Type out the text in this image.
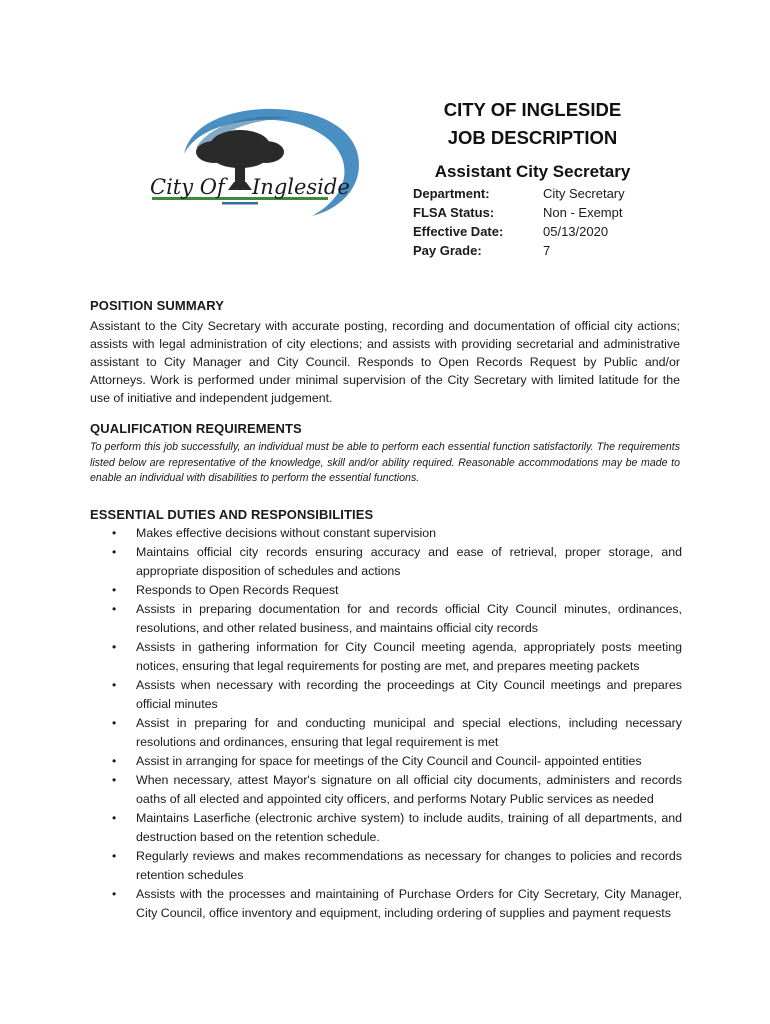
City Of Ingleside
CITY OF INGLESIDE
JOB DESCRIPTION
Assistant City Secretary
Department:	City Secretary
FLSA Status:	Non - Exempt
Effective Date:	05/13/2020
Pay Grade:	7
POSITION SUMMARY
Assistant to the City Secretary with accurate posting, recording and documentation of official city actions; assists with legal administration of city elections; and assists with providing secretarial and administrative assistant to City Manager and City Council. Responds to Open Records Request by Public and/or Attorneys. Work is performed under minimal supervision of the City Secretary with limited latitude for the use of initiative and independent judgement.
QUALIFICATION REQUIREMENTS
To perform this job successfully, an individual must be able to perform each essential function satisfactorily. The requirements listed below are representative of the knowledge, skill and/or ability required. Reasonable accommodations may be made to enable an individual with disabilities to perform the essential functions.
ESSENTIAL DUTIES AND RESPONSIBILITIES
• Makes effective decisions without constant supervision
• Maintains official city records ensuring accuracy and ease of retrieval, proper storage, and appropriate disposition of schedules and actions
• Responds to Open Records Request
• Assists in preparing documentation for and records official City Council minutes, ordinances, resolutions, and other related business, and maintains official city records
• Assists in gathering information for City Council meeting agenda, appropriately posts meeting notices, ensuring that legal requirements for posting are met, and prepares meeting packets
• Assists when necessary with recording the proceedings at City Council meetings and prepares official minutes
• Assist in preparing for and conducting municipal and special elections, including necessary resolutions and ordinances, ensuring that legal requirement is met
• Assist in arranging for space for meetings of the City Council and Council- appointed entities
• When necessary, attest Mayor's signature on all official city documents, administers and records oaths of all elected and appointed city officers, and performs Notary Public services as needed
• Maintains Laserfiche (electronic archive system) to include audits, training of all departments, and destruction based on the retention schedule.
• Regularly reviews and makes recommendations as necessary for changes to policies and records retention schedules
• Assists with the processes and maintaining of Purchase Orders for City Secretary, City Manager, City Council, office inventory and equipment, including ordering of supplies and payment requests
